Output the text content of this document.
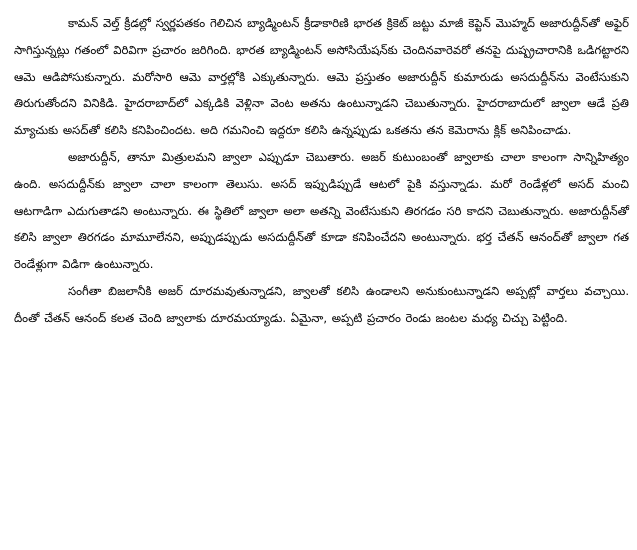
కామన్ వెల్త్ క్రీడల్లో స్వర్ణపతకం గెలిచిన బ్యాడ్మింటన్ క్రీడాకారిణి భారత క్రికెట్ జట్టు మాజీ కెప్టెన్ మొహ్మద్ అజారుద్దీన్‌తో అఫైర్ సాగిస్తున్నట్లు గతంలో విరివిగా ప్రచారం జరిగింది. భారత బ్యాడ్మింటన్ అసోసియేషన్‌కు చెందినవారెవరో తనపై దుష్ప్రచారానికి ఒడిగట్టారని ఆమె ఆడిపోసుకున్నారు. మరోసారి ఆమె వార్తల్లోకి ఎక్కుతున్నారు. ఆమె ప్రస్తుతం అజారుద్దీన్ కుమారుడు అసదుద్దీన్‌ను వెంటేసుకుని తిరుగుతోందని వినికిడి. హైదరాబాద్‌లో ఎక్కడికి వెళ్లినా వెంట అతను ఉంటున్నాడని చెబుతున్నారు. హైదరాబాదులో జ్వాలా ఆడే ప్రతి మ్యాచుకు అసద్‌తో కలిసి కనిపించిందట. అది గమనించి ఇద్దరూ కలిసి ఉన్నప్పుడు ఒకతను తన కెమెరాను క్లిక్ అనిపించాడు.

అజారుద్దీన్, తానూ మిత్రులమని జ్వాలా ఎప్పుడూ చెబుతారు. అజర్ కుటుంబంతో జ్వాలాకు చాలా కాలంగా సాన్నిహిత్యం ఉంది. అసదుద్దీన్‌కు జ్వాలా చాలా కాలంగా తెలుసు. అసద్ ఇప్పుడిప్పుడే ఆటలో పైకి వస్తున్నాడు. మరో రెండేళ్లలో అసద్ మంచి ఆటగాడిగా ఎదుగుతాడని అంటున్నారు. ఈ స్థితిలో జ్వాలా అలా అతన్ని వెంటేసుకుని తిరగడం సరి కాదని చెబుతున్నారు. అజారుద్దీన్‌తో కలిసి జ్వాలా తిరగడం మామూలేనని, అప్పుడప్పుడు అసదుద్దీన్‌తో కూడా కనిపించేదని అంటున్నారు. భర్త చేతన్ ఆనంద్‌తో జ్వాలా గత రెండేళ్లుగా విడిగా ఉంటున్నారు.

సంగీతా బిజలానీకి అజర్ దూరమవుతున్నాడని, జ్వాలతో కలిసి ఉండాలని అనుకుంటున్నాడని అప్పట్లో వార్తలు వచ్చాయి. దీంతో చేతన్ ఆనంద్ కలత చెంది జ్వాలాకు దూరమయ్యాడు. ఏమైనా, అప్పటి ప్రచారం రెండు జంటల మధ్య చిచ్చు పెట్టింది.
